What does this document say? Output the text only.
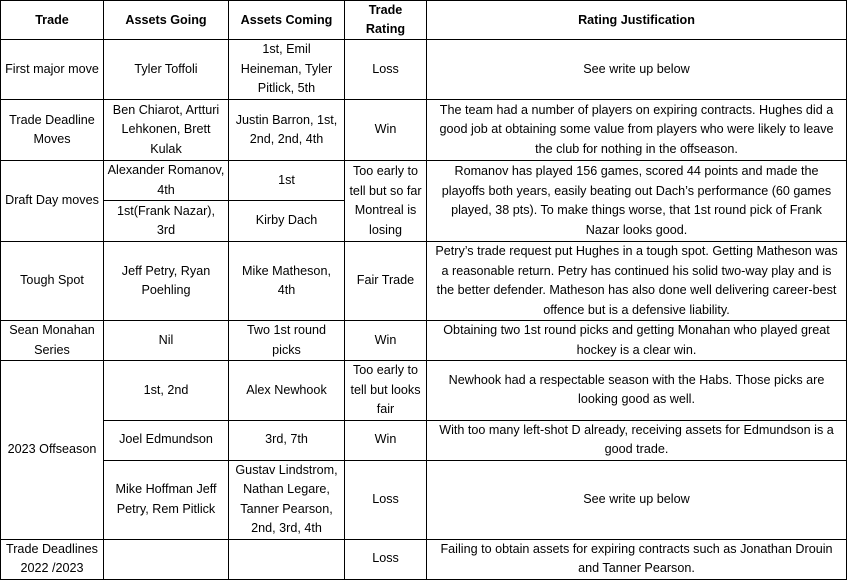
Trade	Assets Going	Assets Coming	Trade Rating	Rating Justification
First major move	Tyler Toffoli	1st, Emil Heineman, Tyler Pitlick, 5th	Loss	See write up below
Trade Deadline Moves	Ben Chiarot, Artturi Lehkonen, Brett Kulak	Justin Barron, 1st, 2nd, 2nd, 4th	Win	The team had a number of players on expiring contracts. Hughes did a good job at obtaining some value from players who were likely to leave the club for nothing in the offseason.
Draft Day moves	Alexander Romanov, 4th	1st	Too early to tell but so far Montreal is losing	Romanov has played 156 games, scored 44 points and made the playoffs both years, easily beating out Dach’s performance (60 games played, 38 pts). To make things worse, that 1st round pick of Frank Nazar looks good.
	1st(Frank Nazar), 3rd	Kirby Dach		
Tough Spot	Jeff Petry, Ryan Poehling	Mike Matheson, 4th	Fair Trade	Petry’s trade request put Hughes in a tough spot. Getting Matheson was a reasonable return. Petry has continued his solid two-way play and is the better defender. Matheson has also done well delivering career-best offence but is a defensive liability.
Sean Monahan Series	Nil	Two 1st round picks	Win	Obtaining two 1st round picks and getting Monahan who played great hockey is a clear win.
2023 Offseason	1st, 2nd	Alex Newhook	Too early to tell but looks fair	Newhook had a respectable season with the Habs. Those picks are looking good as well.
	Joel Edmundson	3rd, 7th	Win	With too many left-shot D already, receiving assets for Edmundson is a good trade.
	Mike Hoffman Jeff Petry, Rem Pitlick	Gustav Lindstrom, Nathan Legare, Tanner Pearson, 2nd, 3rd, 4th	Loss	See write up below
Trade Deadlines 2022 /2023			Loss	Failing to obtain assets for expiring contracts such as Jonathan Drouin and Tanner Pearson.
